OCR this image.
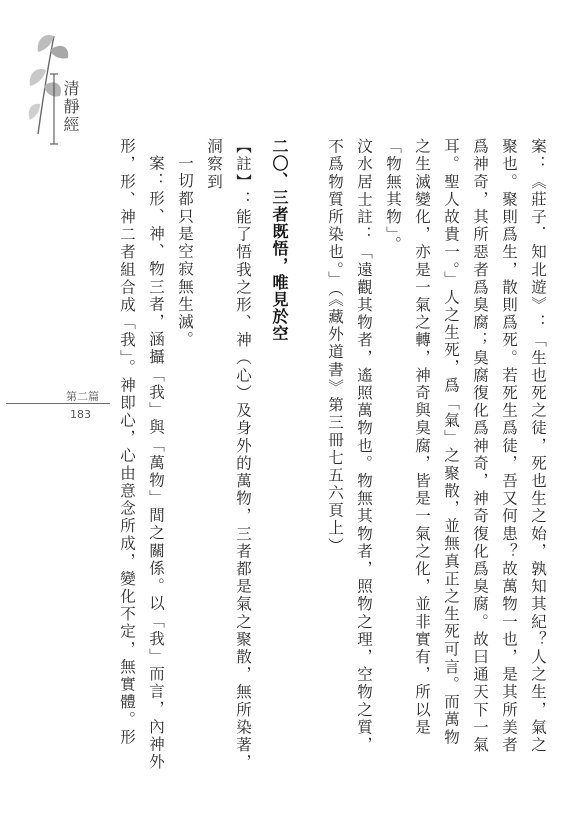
清靜經
第二篇
183	案：《莊子．知北遊》：「生也死之徒，死也生之始，孰知其紀？人之生，氣之

聚也。聚則爲生，散則爲死。若死生爲徒，吾又何患？故萬物一也，是其所美者

爲神奇，其所惡者爲臭腐；臭腐復化爲神奇，神奇復化爲臭腐。故曰通天下一氣

耳。聖人故貴一。」人之生死，爲「氣」之聚散，並無真正之生死可言。而萬物

之生滅變化，亦是一氣之轉，神奇與臭腐，皆是一氣之化，並非實有，所以是

「物無其物」。

汶水居士註：「遠觀其物者，遙照萬物也。物無其物者，照物之理，空物之質，

不爲物質所染也。」（《藏外道書》第三冊七五六頁上）

二〇、三者既悟，唯見於空

【註】：能了悟我之形、神（心）及身外的萬物，三者都是氣之聚散，無所染著，洞察到

一切都只是空寂無生滅。

案：形、神、物三者，涵攝「我」與「萬物」間之關係。以「我」而言，內神外

形，形、神二者組合成「我」。神即心，心由意念所成，變化不定，無實體。形
